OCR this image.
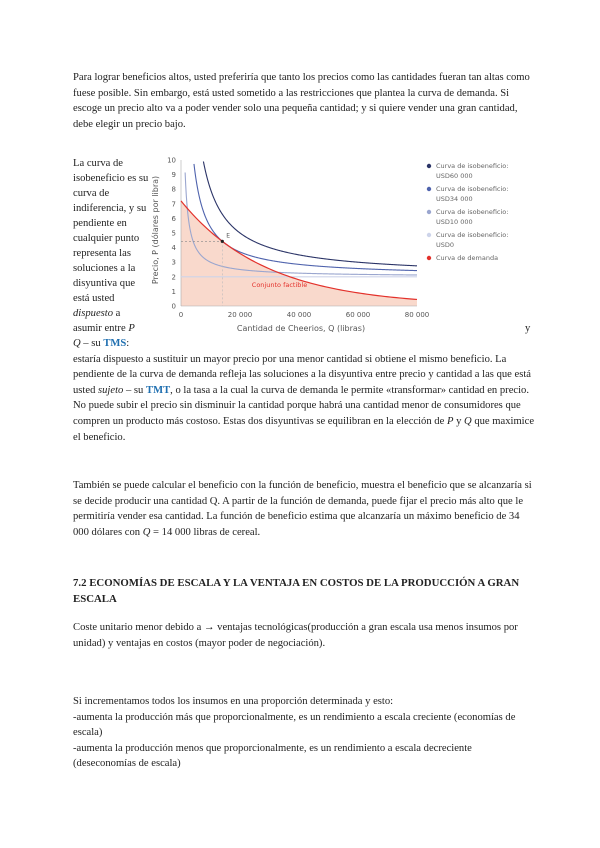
Para lograr beneficios altos, usted preferiría que tanto los precios como las cantidades fueran tan altas como fuese posible. Sin embargo, está usted sometido a las restricciones que plantea la curva de demanda. Si escoge un precio alto va a poder vender solo una pequeña cantidad; y si quiere vender una gran cantidad, debe elegir un precio bajo.

La curva de isobeneficio es su curva de indiferencia, y su pendiente en cualquier punto representa las soluciones a la disyuntiva que está usted dispuesto a asumir entre P
0
1
2
3
4
5
6
7
8
9
10
0	20 000	40 000	60 000	80 000
E
Conjunto factible
Precio, P (dólares por libra)
Cantidad de Cheerios, Q (libras)
Curva de isobeneficio:
USD60 000
Curva de isobeneficio:
USD34 000
Curva de isobeneficio:
USD10 000
Curva de isobeneficio:
USD0
Curva de demanda
y
Q – su TMS:

estaría dispuesto a sustituir un mayor precio por una menor cantidad si obtiene el mismo beneficio. La pendiente de la curva de demanda refleja las soluciones a la disyuntiva entre precio y cantidad a las que está usted sujeto – su TMT, o la tasa a la cual la curva de demanda le permite «transformar» cantidad en precio. No puede subir el precio sin disminuir la cantidad porque habrá una cantidad menor de consumidores que compren un producto más costoso. Estas dos disyuntivas se equilibran en la elección de P y Q que maximice el beneficio.

También se puede calcular el beneficio con la función de beneficio, muestra el beneficio que se alcanzaría si se decide producir una cantidad Q. A partir de la función de demanda, puede fijar el precio más alto que le permitiría vender esa cantidad. La función de beneficio estima que alcanzaría un máximo beneficio de 34 000 dólares con Q = 14 000 libras de cereal.

7.2 ECONOMÍAS DE ESCALA Y LA VENTAJA EN COSTOS DE LA PRODUCCIÓN A GRAN ESCALA

Coste unitario menor debido a → ventajas tecnológicas(producción a gran escala usa menos insumos por unidad) y ventajas en costos (mayor poder de negociación).

Si incrementamos todos los insumos en una proporción determinada y esto:
-aumenta la producción más que proporcionalmente, es un rendimiento a escala creciente (economías de escala)
-aumenta la producción menos que proporcionalmente, es un rendimiento a escala decreciente (deseconomías de escala)
